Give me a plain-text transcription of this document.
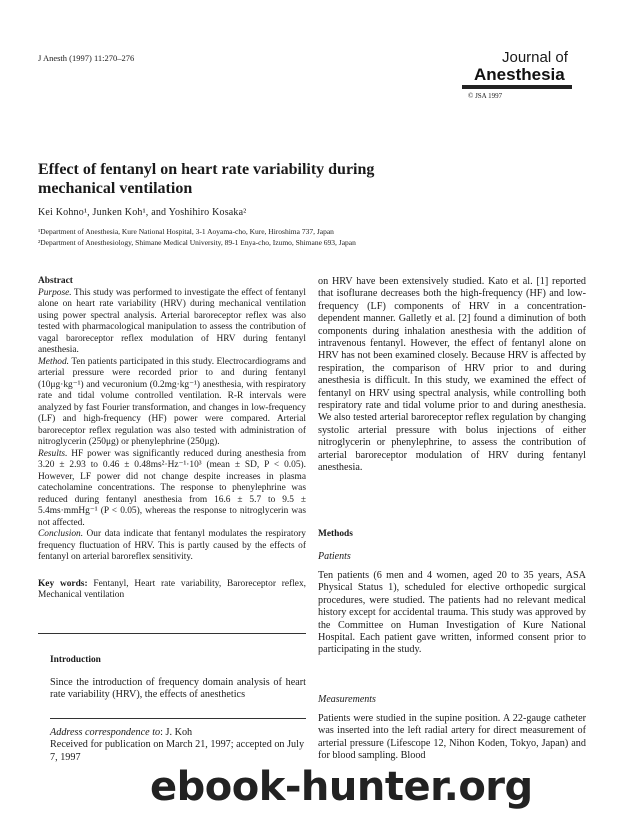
J Anesth (1997) 11:270–276	Journal of
Anesthesia
© JSA 1997
Effect of fentanyl on heart rate variability during
mechanical ventilation
Kei Kohno¹, Junken Koh¹, and Yoshihiro Kosaka²
¹Department of Anesthesia, Kure National Hospital, 3-1 Aoyama-cho, Kure, Hiroshima 737, Japan
²Department of Anesthesiology, Shimane Medical University, 89-1 Enya-cho, Izumo, Shimane 693, Japan

Abstract

Purpose. This study was performed to investigate the effect of fentanyl alone on heart rate variability (HRV) during mechanical ventilation using power spectral analysis. Arterial baroreceptor reflex was also tested with pharmacological manipulation to assess the contribution of vagal baroreceptor reflex modulation of HRV during fentanyl anesthesia.

Method. Ten patients participated in this study. Electrocardiograms and arterial pressure were recorded prior to and during fentanyl (10μg·kg⁻¹) and vecuronium (0.2mg·kg⁻¹) anesthesia, with respiratory rate and tidal volume controlled ventilation. R-R intervals were analyzed by fast Fourier transformation, and changes in low-frequency (LF) and high-frequency (HF) power were compared. Arterial baroreceptor reflex regulation was also tested with administration of nitroglycerin (250μg) or phenylephrine (250μg).

Results. HF power was significantly reduced during anesthesia from 3.20 ± 2.93 to 0.46 ± 0.48ms²·Hz⁻¹·10³ (mean ± SD, P < 0.05). However, LF power did not change despite increases in plasma catecholamine concentrations. The response to phenylephrine was reduced during fentanyl anesthesia from 16.6 ± 5.7 to 9.5 ± 5.4ms·mmHg⁻¹ (P < 0.05), whereas the response to nitroglycerin was not affected.

Conclusion. Our data indicate that fentanyl modulates the respiratory frequency fluctuation of HRV. This is partly caused by the effects of fentanyl on arterial baroreflex sensitivity.

Key words: Fentanyl, Heart rate variability, Baroreceptor reflex, Mechanical ventilation

Introduction
Since the introduction of frequency domain analysis of heart rate variability (HRV), the effects of anesthetics
Address correspondence to: J. Koh
Received for publication on March 21, 1997; accepted on July 7, 1997
on HRV have been extensively studied. Kato et al. [1] reported that isoflurane decreases both the high-frequency (HF) and low-frequency (LF) components of HRV in a concentration-dependent manner. Galletly et al. [2] found a diminution of both components during inhalation anesthesia with the addition of intravenous fentanyl. However, the effect of fentanyl alone on HRV has not been examined closely. Because HRV is affected by respiration, the comparison of HRV prior to and during anesthesia is difficult. In this study, we examined the effect of fentanyl on HRV using spectral analysis, while controlling both respiratory rate and tidal volume prior to and during anesthesia. We also tested arterial baroreceptor reflex regulation by changing systolic arterial pressure with bolus injections of either nitroglycerin or phenylephrine, to assess the contribution of arterial baroreceptor modulation of HRV during fentanyl anesthesia.
Methods
Patients
Ten patients (6 men and 4 women, aged 20 to 35 years, ASA Physical Status 1), scheduled for elective orthopedic surgical procedures, were studied. The patients had no relevant medical history except for accidental trauma. This study was approved by the Committee on Human Investigation of Kure National Hospital. Each patient gave written, informed consent prior to participating in the study.
Measurements
Patients were studied in the supine position. A 22-gauge catheter was inserted into the left radial artery for direct measurement of arterial pressure (Lifescope 12, Nihon Koden, Tokyo, Japan) and for blood sampling. Blood
ebook-hunter.org
